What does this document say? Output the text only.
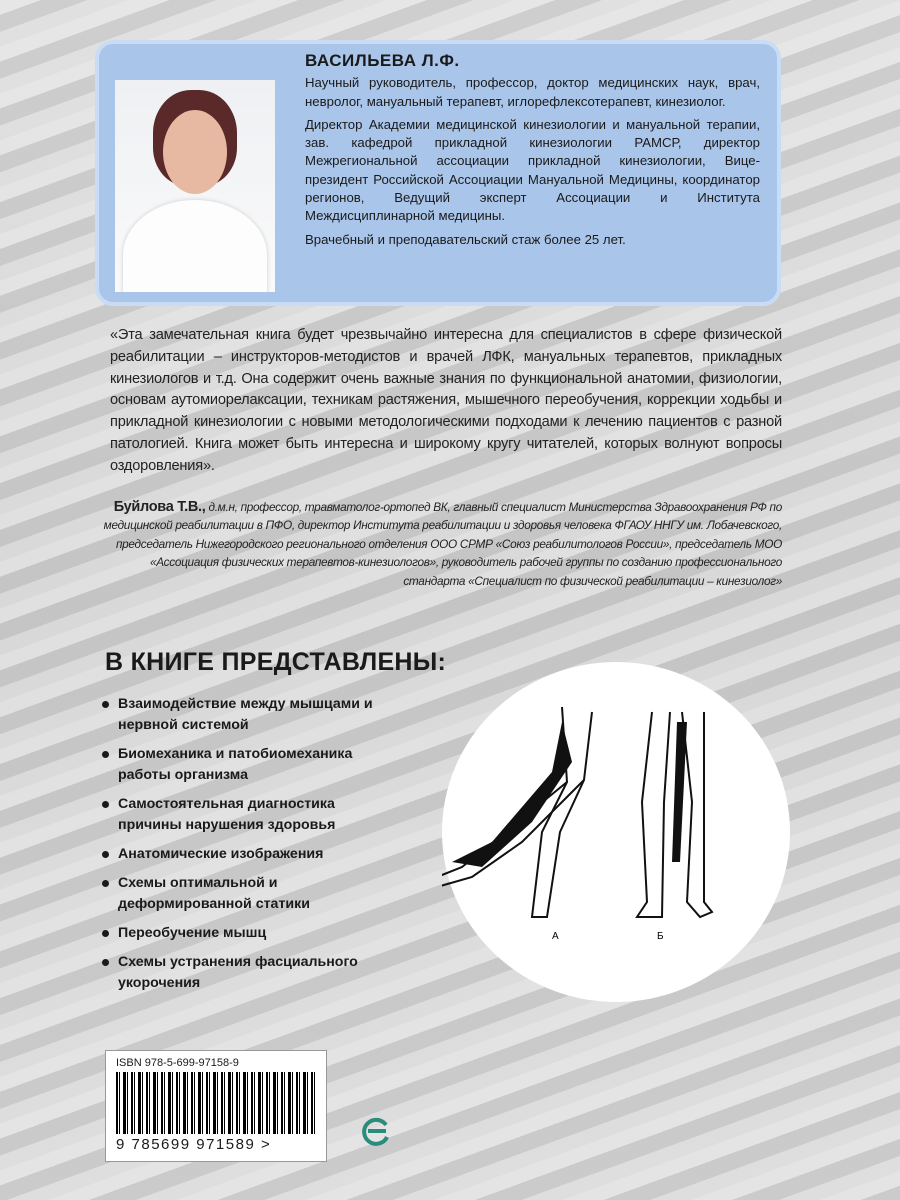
ВАСИЛЬЕВА Л.Ф.

Научный руководитель, профессор, доктор медицинских наук, врач, невролог, мануальный терапевт, иглорефлексотерапевт, кинезиолог.

Директор Академии медицинской кинезиологии и мануальной терапии, зав. кафедрой прикладной кинезиологии РАМСР, директор Межрегиональной ассоциации прикладной кинезиологии, Вице-президент Российской Ассоциации Мануальной Медицины, координатор регионов, Ведущий эксперт Ассоциации и Института Междисциплинарной медицины.

Врачебный и преподавательский стаж более 25 лет.

«Эта замечательная книга будет чрезвычайно интересна для специалистов в сфере физической реабилитации – инструкторов-методистов и врачей ЛФК, мануальных терапевтов, прикладных кинезиологов и т.д. Она содержит очень важные знания по функциональной анатомии, физиологии, основам аутомиорелаксации, техникам растяжения, мышечного переобучения, коррекции ходьбы и прикладной кинезиологии с новыми методологическими подходами к лечению пациентов с разной патологией. Книга может быть интересна и широкому кругу читателей, которых волнуют вопросы оздоровления».

Буйлова Т.В., д.м.н, профессор, травматолог-ортопед ВК, главный специалист Министерства Здравоохранения РФ по медицинской реабилитации в ПФО, директор Института реабилитации и здоровья человека ФГАОУ ННГУ им. Лобачевского, председатель Нижегородского регионального отделения ООО СРМР «Союз реабилитологов России», председатель МОО «Ассоциация физических терапевтов-кинезиологов», руководитель рабочей группы по созданию профессионального стандарта «Специалист по физической реабилитации – кинезиолог»

В КНИГЕ ПРЕДСТАВЛЕНЫ:
Взаимодействие между мышцами и нервной системой
Биомеханика и патобиомеханика работы организма
Самостоятельная диагностика причины нарушения здоровья
Анатомические изображения
Схемы оптимальной и деформированной статики
Переобучение мышц
Схемы устранения фасциального укорочения
А	Б
ISBN 978-5-699-97158-9
9 785699 971589 >
